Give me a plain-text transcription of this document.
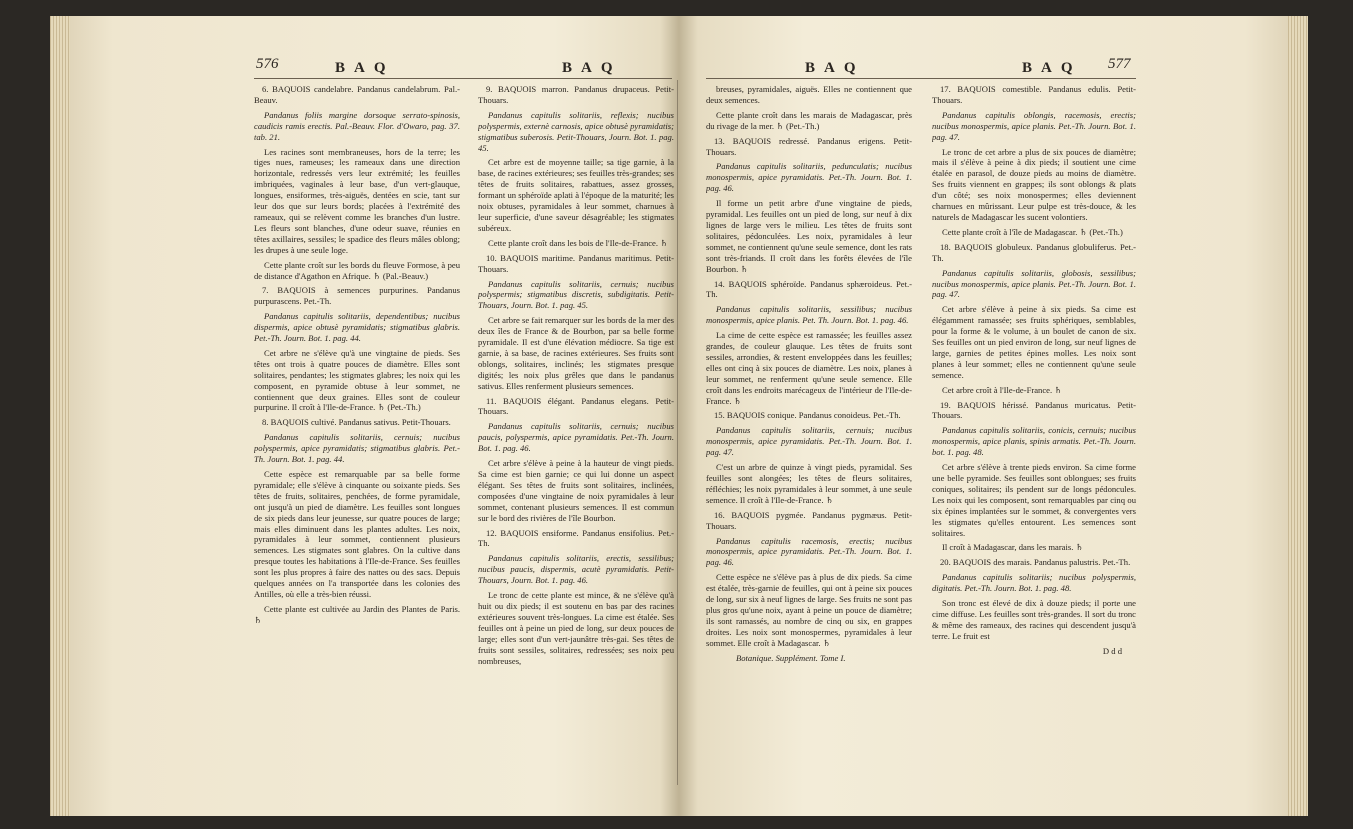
576	BAQ	BAQ	BAQ	BAQ 577

6. BAQUOIS candelabre. Pandanus candelabrum. Pal.-Beauv.

Pandanus foliis margine dorsoque serrato-spinosis, caudicis ramis erectis. Pal.-Beauv. Flor. d'Owaro, pag. 37. tab. 21.

Les racines sont membraneuses, hors de la terre; les tiges nues, rameuses; les rameaux dans une direction horizontale, redressés vers leur extrémité; les feuilles imbriquées, vaginales à leur base, d'un vert-glauque, longues, ensiformes, très-aiguës, dentées en scie, tant sur leur dos que sur leurs bords; placées à l'extrémité des rameaux, qui se relèvent comme les branches d'un lustre. Les fleurs sont blanches, d'une odeur suave, réunies en têtes axillaires, sessiles; le spadice des fleurs mâles oblong; les drupes à une seule loge.

Cette plante croît sur les bords du fleuve Formose, à peu de distance d'Agathon en Afrique. ♄ (Pal.-Beauv.)

7. BAQUOIS à semences purpurines. Pandanus purpurascens. Pet.-Th.

Pandanus capitulis solitariis, dependentibus; nucibus dispermis, apice obtusè pyramidatis; stigmatibus glabris. Pet.-Th. Journ. Bot. 1. pag. 44.

Cet arbre ne s'élève qu'à une vingtaine de pieds. Ses têtes ont trois à quatre pouces de diamètre. Elles sont solitaires, pendantes; les stigmates glabres; les noix qui les composent, en pyramide obtuse à leur sommet, ne contiennent que deux graines. Elles sont de couleur purpurine. Il croît à l'Ile-de-France. ♄ (Pet.-Th.)

8. BAQUOIS cultivé. Pandanus sativus. Petit-Thouars.

Pandanus capitulis solitariis, cernuis; nucibus polyspermis, apice pyramidatis; stigmatibus glabris. Pet.-Th. Journ. Bot. 1. pag. 44.

Cette espèce est remarquable par sa belle forme pyramidale; elle s'élève à cinquante ou soixante pieds. Ses têtes de fruits, solitaires, penchées, de forme pyramidale, ont jusqu'à un pied de diamètre. Les feuilles sont longues de six pieds dans leur jeunesse, sur quatre pouces de large; mais elles diminuent dans les plantes adultes. Les noix, pyramidales à leur sommet, contiennent plusieurs semences. Les stigmates sont glabres. On la cultive dans presque toutes les habitations à l'Ile-de-France. Ses feuilles sont les plus propres à faire des nattes ou des sacs. Depuis quelques années on l'a transportée dans les colonies des Antilles, où elle a très-bien réussi.

Cette plante est cultivée au Jardin des Plantes de Paris. ♄

9. BAQUOIS marron. Pandanus drupaceus. Petit-Thouars.

Pandanus capitulis solitariis, reflexis; nucibus polyspermis, externè carnosis, apice obtusè pyramidatis; stigmatibus suberosis. Petit-Thouars, Journ. Bot. 1. pag. 45.

Cet arbre est de moyenne taille; sa tige garnie, à la base, de racines extérieures; ses feuilles très-grandes; ses têtes de fruits solitaires, rabattues, assez grosses, formant un sphéroïde aplati à l'époque de la maturité; les noix obtuses, pyramidales à leur sommet, charnues à leur superficie, d'une saveur désagréable; les stigmates subéreux.

Cette plante croît dans les bois de l'Ile-de-France. ♄

10. BAQUOIS maritime. Pandanus maritimus. Petit-Thouars.

Pandanus capitulis solitariis, cernuis; nucibus polyspermis; stigmatibus discretis, subdigitatis. Petit-Thouars, Journ. Bot. 1. pag. 45.

Cet arbre se fait remarquer sur les bords de la mer des deux îles de France & de Bourbon, par sa belle forme pyramidale. Il est d'une élévation médiocre. Sa tige est garnie, à sa base, de racines extérieures. Ses fruits sont oblongs, solitaires, inclinés; les stigmates presque digités; les noix plus grêles que dans le pandanus sativus. Elles renferment plusieurs semences.

11. BAQUOIS élégant. Pandanus elegans. Petit-Thouars.

Pandanus capitulis solitariis, cernuis; nucibus paucis, polyspermis, apice pyramidatis. Pet.-Th. Journ. Bot. 1. pag. 46.

Cet arbre s'élève à peine à la hauteur de vingt pieds. Sa cime est bien garnie; ce qui lui donne un aspect élégant. Ses têtes de fruits sont solitaires, inclinées, composées d'une vingtaine de noix pyramidales à leur sommet, contenant plusieurs semences. Il est commun sur le bord des rivières de l'île Bourbon.

12. BAQUOIS ensiforme. Pandanus ensifolius. Pet.-Th.

Pandanus capitulis solitariis, erectis, sessilibus; nucibus paucis, dispermis, acutè pyramidatis. Petit-Thouars, Journ. Bot. 1. pag. 46.

Le tronc de cette plante est mince, & ne s'élève qu'à huit ou dix pieds; il est soutenu en bas par des racines extérieures souvent très-longues. La cime est étalée. Ses feuilles ont à peine un pied de long, sur deux pouces de large; elles sont d'un vert-jaunâtre très-gai. Ses têtes de fruits sont sessiles, solitaires, redressées; ses noix peu nombreuses,

breuses, pyramidales, aiguës. Elles ne contiennent que deux semences.

Cette plante croît dans les marais de Madagascar, près du rivage de la mer. ♄ (Pet.-Th.)

13. BAQUOIS redressé. Pandanus erigens. Petit-Thouars.

Pandanus capitulis solitariis, pedunculatis; nucibus monospermis, apice pyramidatis. Pet.-Th. Journ. Bot. 1. pag. 46.

Il forme un petit arbre d'une vingtaine de pieds, pyramidal. Les feuilles ont un pied de long, sur neuf à dix lignes de large vers le milieu. Les têtes de fruits sont solitaires, pédonculées. Les noix, pyramidales à leur sommet, ne contiennent qu'une seule semence, dont les rats sont très-friands. Il croît dans les forêts élevées de l'île Bourbon. ♄

14. BAQUOIS sphéroïde. Pandanus sphæroideus. Pet.-Th.

Pandanus capitulis solitariis, sessilibus; nucibus monospermis, apice planis. Pet. Th. Journ. Bot. 1. pag. 46.

La cime de cette espèce est ramassée; les feuilles assez grandes, de couleur glauque. Les têtes de fruits sont sessiles, arrondies, & restent enveloppées dans les feuilles; elles ont cinq à six pouces de diamètre. Les noix, planes à leur sommet, ne renferment qu'une seule semence. Elle croît dans les endroits marécageux de l'intérieur de l'Ile-de-France. ♄

15. BAQUOIS conique. Pandanus conoideus. Pet.-Th.

Pandanus capitulis solitariis, cernuis; nucibus monospermis, apice pyramidatis. Pet.-Th. Journ. Bot. 1. pag. 47.

C'est un arbre de quinze à vingt pieds, pyramidal. Ses feuilles sont alongées; les têtes de fleurs solitaires, réfléchies; les noix pyramidales à leur sommet, à une seule semence. Il croît à l'Ile-de-France. ♄

16. BAQUOIS pygmée. Pandanus pygmæus. Petit-Thouars.

Pandanus capitulis racemosis, erectis; nucibus monospermis, apice pyramidatis. Pet.-Th. Journ. Bot. 1. pag. 46.

Cette espèce ne s'élève pas à plus de dix pieds. Sa cime est étalée, très-garnie de feuilles, qui ont à peine six pouces de long, sur six à neuf lignes de large. Ses fruits ne sont pas plus gros qu'une noix, ayant à peine un pouce de diamètre; ils sont ramassés, au nombre de cinq ou six, en grappes droites. Les noix sont monospermes, pyramidales à leur sommet. Elle croît à Madagascar. ♄

Botanique. Supplément. Tome I.

17. BAQUOIS comestible. Pandanus edulis. Petit-Thouars.

Pandanus capitulis oblongis, racemosis, erectis; nucibus monospermis, apice planis. Pet.-Th. Journ. Bot. 1. pag. 47.

Le tronc de cet arbre a plus de six pouces de diamètre; mais il s'élève à peine à dix pieds; il soutient une cime étalée en parasol, de douze pieds au moins de diamètre. Ses fruits viennent en grappes; ils sont oblongs & plats d'un côté; ses noix monospermes; elles deviennent charnues en mûrissant. Leur pulpe est très-douce, & les naturels de Madagascar les sucent volontiers.

Cette plante croît à l'île de Madagascar. ♄ (Pet.-Th.)

18. BAQUOIS globuleux. Pandanus globuliferus. Pet.-Th.

Pandanus capitulis solitariis, globosis, sessilibus; nucibus monospermis, apice planis. Pet.-Th. Journ. Bot. 1. pag. 47.

Cet arbre s'élève à peine à six pieds. Sa cime est élégamment ramassée; ses fruits sphériques, semblables, pour la forme & le volume, à un boulet de canon de six. Ses feuilles ont un pied environ de long, sur neuf lignes de large, garnies de petites épines molles. Les noix sont planes à leur sommet; elles ne contiennent qu'une seule semence.

Cet arbre croît à l'Ile-de-France. ♄

19. BAQUOIS hérissé. Pandanus muricatus. Petit-Thouars.

Pandanus capitulis solitariis, conicis, cernuis; nucibus monospermis, apice planis, spinis armatis. Pet.-Th. Journ. bot. 1. pag. 48.

Cet arbre s'élève à trente pieds environ. Sa cime forme une belle pyramide. Ses feuilles sont oblongues; ses fruits coniques, solitaires; ils pendent sur de longs pédoncules. Les noix qui les composent, sont remarquables par cinq ou six épines implantées sur le sommet, & convergentes vers les stigmates qu'elles entourent. Les semences sont solitaires.

Il croît à Madagascar, dans les marais. ♄

20. BAQUOIS des marais. Pandanus palustris. Pet.-Th.

Pandanus capitulis solitariis; nucibus polyspermis, digitatis. Pet.-Th. Journ. Bot. 1. pag. 48.

Son tronc est élevé de dix à douze pieds; il porte une cime diffuse. Les feuilles sont très-grandes. Il sort du tronc & même des rameaux, des racines qui descendent jusqu'à terre. Le fruit est

D d d
